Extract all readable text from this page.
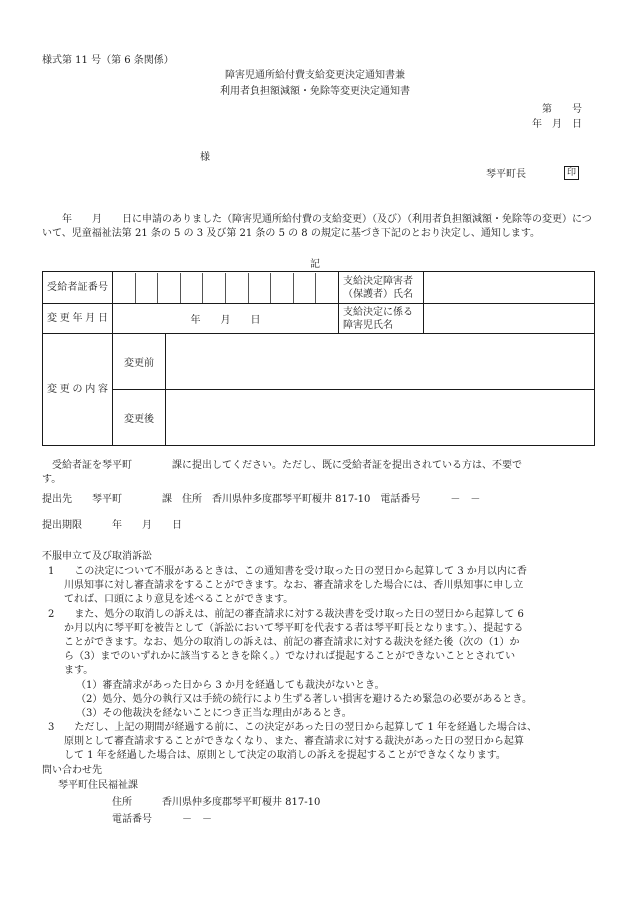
様式第 11 号（第 6 条関係）
障害児通所給付費支給変更決定通知書兼
利用者負担額減額・免除等変更決定通知書
第　　号
年　月　日
様
琴平町長	印
　　年　　月　　日に申請のありました（障害児通所給付費の支給変更）（及び）（利用者負担額減額・免除等の変更）について、児童福祉法第 21 条の 5 の 3 及び第 21 条の 5 の 8 の規定に基づき下記のとおり決定し、通知します。
記
受給者証番号			支給決定障害者
（保護者）氏名	

変更年月日	年　　月　　日		支給決定に係る
障害児氏名	

変更の内容	変更前			
	変更後			
　受給者証を琴平町　　　　課に提出してください。ただし、既に受給者証を提出されている方は、不要で
す。
提出先　　琴平町　　　　課　住所　香川県仲多度郡琴平町榎井 817-10　電話番号　　　－　－
提出期限　　　年　　月　　日
不服申立て及び取消訴訟
1　　この決定について不服があるときは、この通知書を受け取った日の翌日から起算して 3 か月以内に香
川県知事に対し審査請求をすることができます。なお、審査請求をした場合には、香川県知事に申し立
てれば、口頭により意見を述べることができます。
2　　また、処分の取消しの訴えは、前記の審査請求に対する裁決書を受け取った日の翌日から起算して 6
か月以内に琴平町を被告として（訴訟において琴平町を代表する者は琴平町長となります。）、提起する
ことができます。なお、処分の取消しの訴えは、前記の審査請求に対する裁決を経た後（次の（1）か
ら（3）までのいずれかに該当するときを除く。）でなければ提起することができないこととされてい
ます。
（1）審査請求があった日から 3 か月を経過しても裁決がないとき。
（2）処分、処分の執行又は手続の続行により生ずる著しい損害を避けるため緊急の必要があるとき。
（3）その他裁決を経ないことにつき正当な理由があるとき。
3　　ただし、上記の期間が経過する前に、この決定があった日の翌日から起算して 1 年を経過した場合は、
原則として審査請求することができなくなり、また、審査請求に対する裁決があった日の翌日から起算
して 1 年を経過した場合は、原則として決定の取消しの訴えを提起することができなくなります。
問い合わせ先
琴平町住民福祉課
住所　　　香川県仲多度郡琴平町榎井 817-10
電話番号　　　－　－
